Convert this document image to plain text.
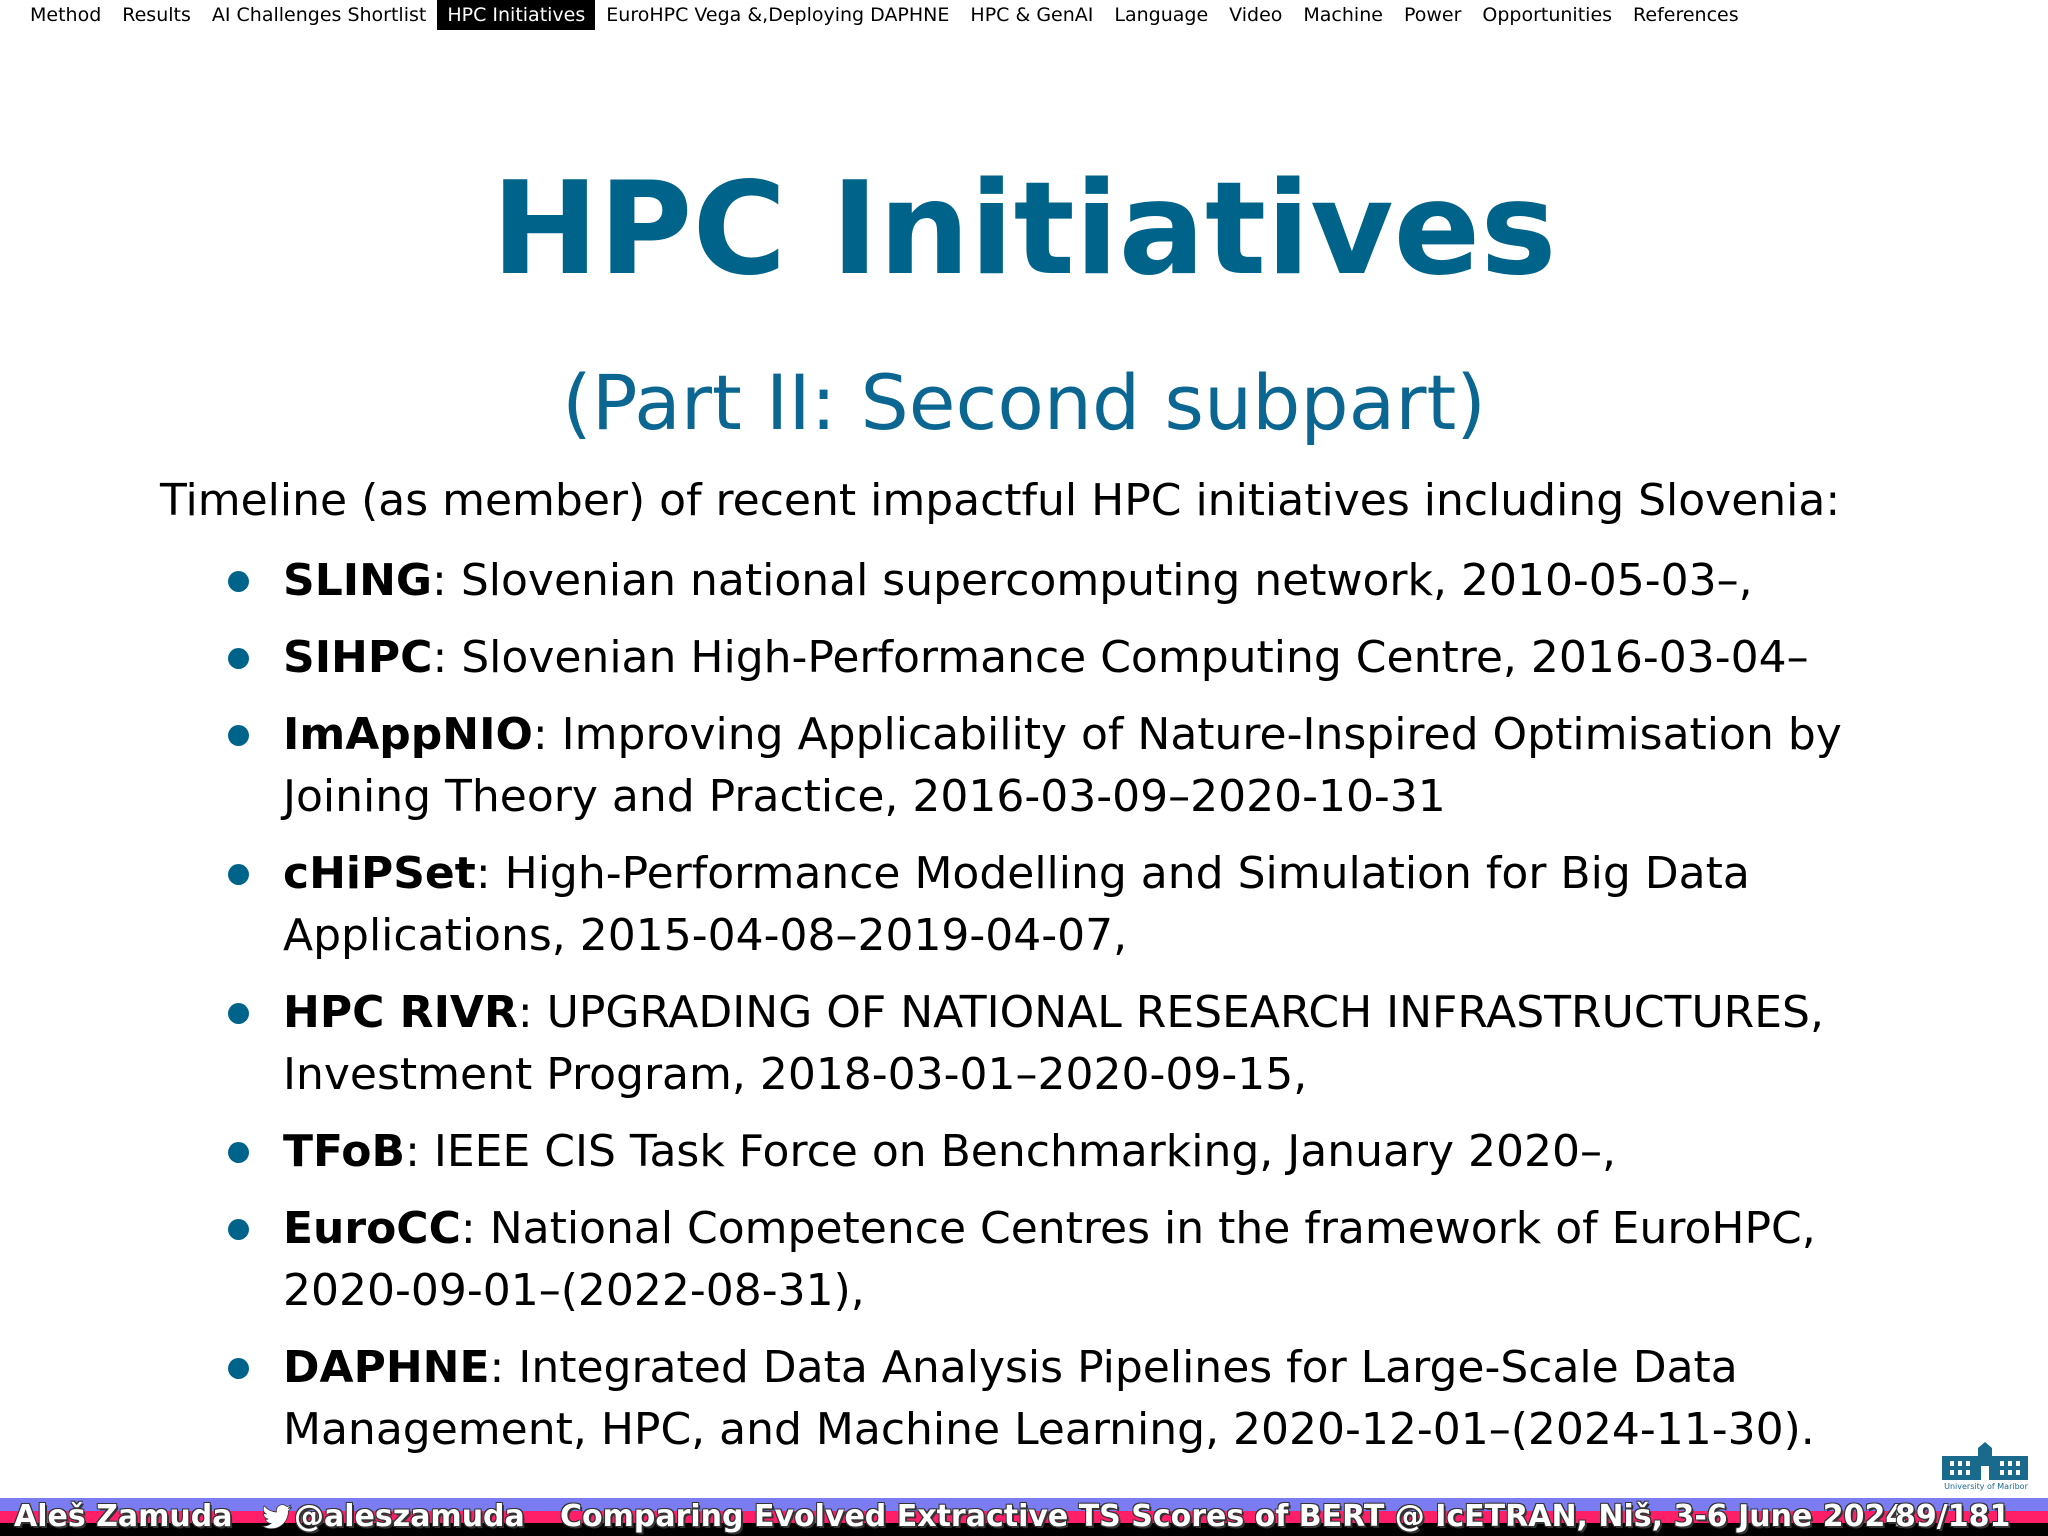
Method	Results	AI Challenges Shortlist	HPC Initiatives	EuroHPC Vega &,Deploying DAPHNE	HPC & GenAI	Language	Video	Machine	Power	Opportunities	References
HPC Initiatives
(Part II: Second subpart)
Timeline (as member) of recent impactful HPC initiatives including Slovenia:
SLING: Slovenian national supercomputing network, 2010-05-03–,
SIHPC: Slovenian High-Performance Computing Centre, 2016-03-04–
ImAppNIO: Improving Applicability of Nature-Inspired Optimisation by Joining Theory and Practice, 2016-03-09–2020-10-31
cHiPSet: High-Performance Modelling and Simulation for Big Data Applications, 2015-04-08–2019-04-07,
HPC RIVR: UPGRADING OF NATIONAL RESEARCH INFRASTRUCTURES, Investment Program, 2018-03-01–2020-09-15,
TFoB: IEEE CIS Task Force on Benchmarking, January 2020–,
EuroCC: National Competence Centres in the framework of EuroHPC, 2020-09-01–(2022-08-31),
DAPHNE: Integrated Data Analysis Pipelines for Large-Scale Data Management, HPC, and Machine Learning, 2020-12-01–(2024-11-30).
University of Maribor
Aleš Zamuda @aleszamuda Comparing Evolved Extractive TS Scores of BERT @ IcETRAN, Niš, 3-6 June 2024
89/181
